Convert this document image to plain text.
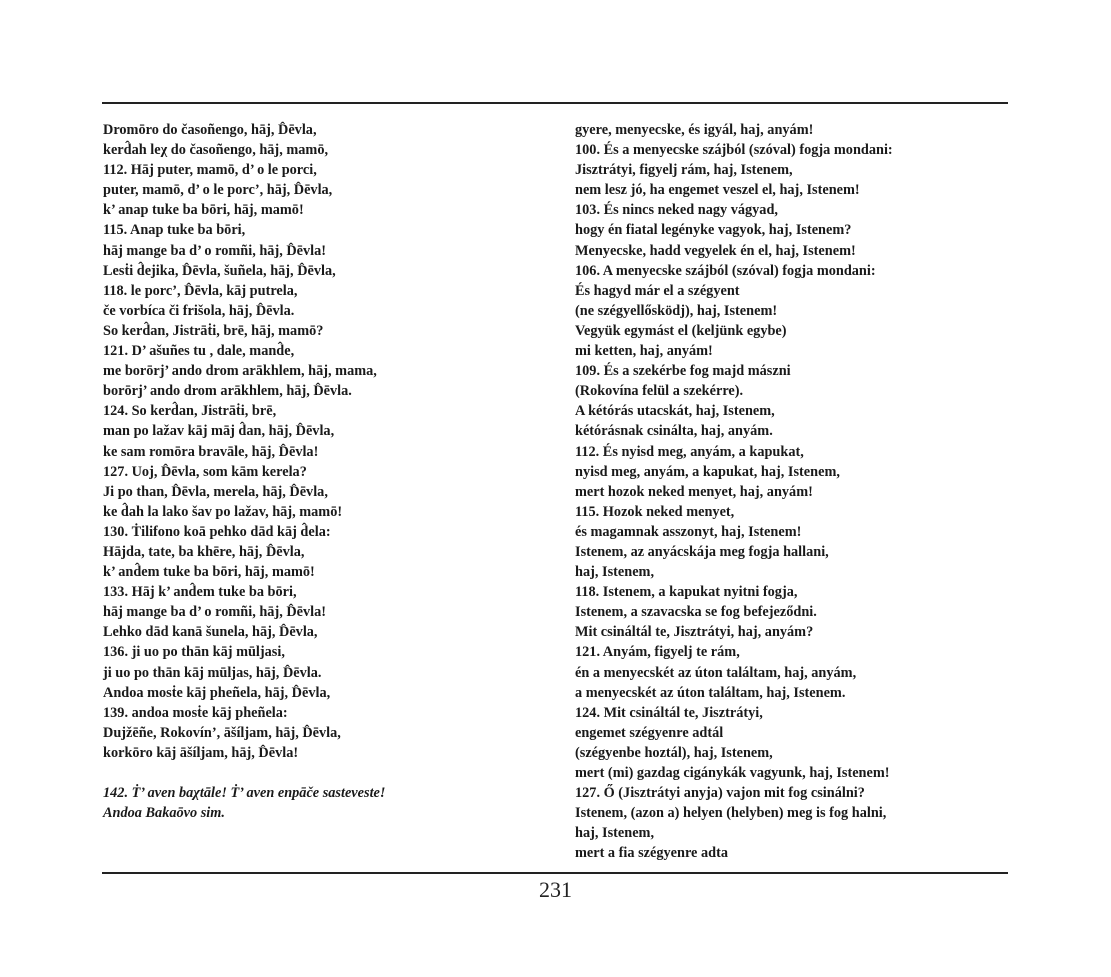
Dromōro do časoñengo, hāj, D̂ēvla,
kerd̂ah leχ do časoñengo, hāj, mamō,
112. Hāj puter, mamō, d’ o le porci,
puter, mamō, d’ o le porc’, hāj, D̂ēvla,
k’ anap tuke ba bōri, hāj, mamō!
115. Anap tuke ba bōri,
hāj mange ba d’ o romñi, hāj, D̂ēvla!
Lesṫi d̂ejika, D̂ēvla, šuñela, hāj, D̂ēvla,
118. le porc’, D̂ēvla, kāj putrela,
če vorbíca či frišola, hāj, D̂ēvla.
So kerd̂an, Jistrāṫi, brē, hāj, mamō?
121. D’ ašuñes tu , dale, mand̂e,
me borōrj’ ando drom arākhlem, hāj, mama,
borōrj’ ando drom arākhlem, hāj, D̂ēvla.
124. So kerd̂an, Jistrāṫi, brē,
man po lažav kāj māj d̂an, hāj, D̂ēvla,
ke sam romōra bravāle, hāj, D̂ēvla!
127. Uoj, D̂ēvla, som kām kerela?
Ji po than, D̂ēvla, merela, hāj, D̂ēvla,
ke d̂ah la lako šav po lažav, hāj, mamō!
130. Ṫilifono koā pehko dād kāj d̂ela:
Hājda, tate, ba khēre, hāj, D̂ēvla,
k’ and̂em tuke ba bōri, hāj, mamō!
133. Hāj k’ and̂em tuke ba bōri,
hāj mange ba d’ o romñi, hāj, D̂ēvla!
Lehko dād kanā šunela, hāj, D̂ēvla,
136. ji uo po thān kāj mūljasi,
ji uo po thān kāj mūljas, hāj, D̂ēvla.
Andoa mosṫe kāj pheñela, hāj, D̂ēvla,
139. andoa mosṫe kāj pheñela:
Dujžēñe, Rokovín’, āšíljam, hāj, D̂ēvla,
korkōro kāj āšíljam, hāj, D̂ēvla!
142. Ṫ’ aven baχtāle! Ṫ’ aven enpāče sasteveste!
Andoa Bakaōvo sim.
gyere, menyecske, és igyál, haj, anyám!
100. És a menyecske szájból (szóval) fogja mondani:
Jisztrátyi, figyelj rám, haj, Istenem,
nem lesz jó, ha engemet veszel el, haj, Istenem!
103. És nincs neked nagy vágyad,
hogy én fiatal legényke vagyok, haj, Istenem?
Menyecske, hadd vegyelek én el, haj, Istenem!
106. A menyecske szájból (szóval) fogja mondani:
És hagyd már el a szégyent
(ne szégyellősködj), haj, Istenem!
Vegyük egymást el (keljünk egybe)
mi ketten, haj, anyám!
109. És a szekérbe fog majd mászni
(Rokovína felül a szekérre).
A kétórás utacskát, haj, Istenem,
kétórásnak csinálta, haj, anyám.
112. És nyisd meg, anyám, a kapukat,
nyisd meg, anyám, a kapukat, haj, Istenem,
mert hozok neked menyet, haj, anyám!
115. Hozok neked menyet,
és magamnak asszonyt, haj, Istenem!
Istenem, az anyácskája meg fogja hallani,
haj, Istenem,
118. Istenem, a kapukat nyitni fogja,
Istenem, a szavacska se fog befejeződni.
Mit csináltál te, Jisztrátyi, haj, anyám?
121. Anyám, figyelj te rám,
én a menyecskét az úton találtam, haj, anyám,
a menyecskét az úton találtam, haj, Istenem.
124. Mit csináltál te, Jisztrátyi,
engemet szégyenre adtál
(szégyenbe hoztál), haj, Istenem,
mert (mi) gazdag cigánykák vagyunk, haj, Istenem!
127. Ő (Jisztrátyi anyja) vajon mit fog csinálni?
Istenem, (azon a) helyen (helyben) meg is fog halni,
haj, Istenem,
mert a fia szégyenre adta
231
